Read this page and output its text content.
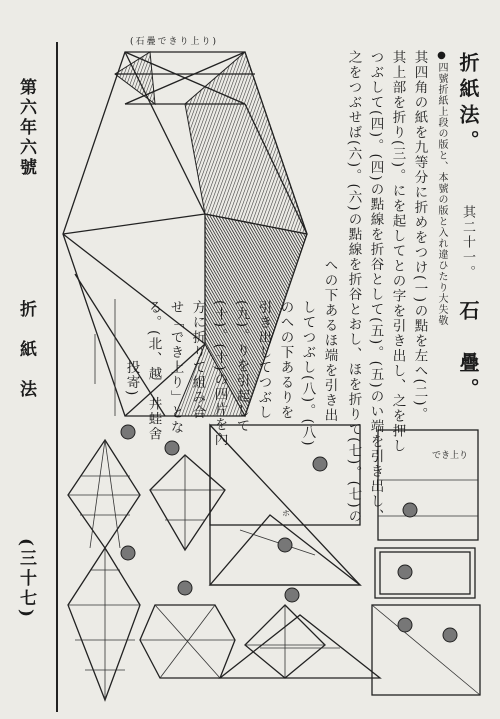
第六年六號
折　紙　法
(三十七)
(石疊できり上り)
折紙法。
其二十一。
石　疊。
●四號折紙上段の版と、本號の版と入れ違ひたり大失敬
其四角の紙を九等分に折めをつけ(一)の點を左へ(二)。
其上部を折り(三)。にを起してとの字を引き出し、之を押し
つぶして(四)。(四)の點線を折谷として(五)。(五)のい端を引き出し、
之をつぶせば(六)。(六)の點線を折谷とおし、ほを折りて(七)。(七)の
への下あるほ端を引き出
してつぶし(八)。(八)
のへの下あるりを
引き出してつぶし
(九)。りを引起して
(十)。(十)の四片を內
方に折りて組み合
せ「でき上り」とな
る。(北、越　井蛙舍
投寄)
ホ
でき上り
